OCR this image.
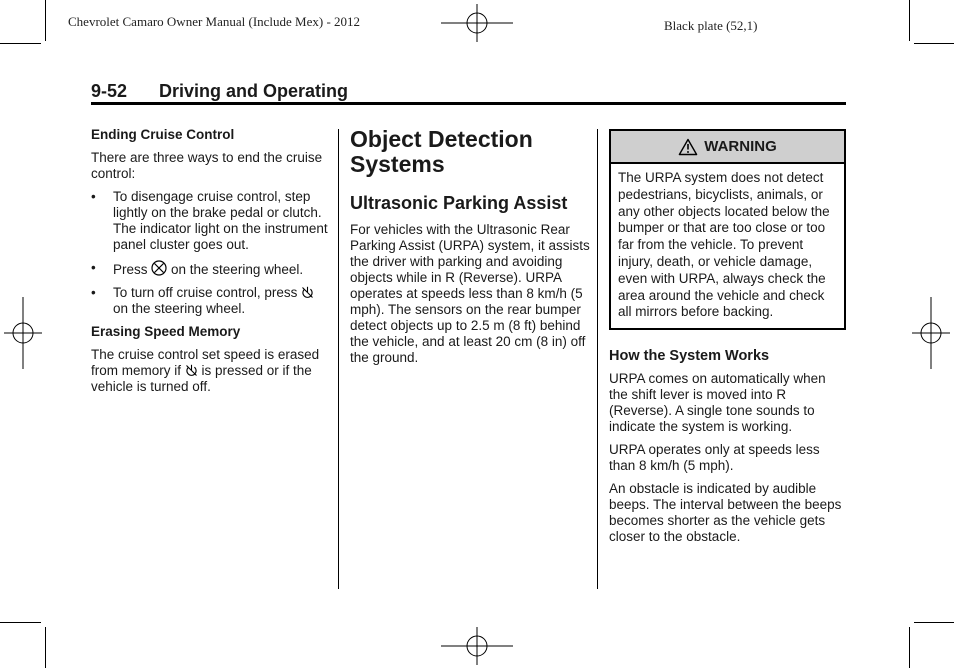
Chevrolet Camaro Owner Manual (Include Mex) - 2012	Black plate (52,1)
9-52 Driving and Operating
Ending Cruise Control

There are three ways to end the cruise control:

• To disengage cruise control, step lightly on the brake pedal or clutch. The indicator light on the instrument panel cluster goes out.
• Press  on the steering wheel.
• To turn off cruise control, press  on the steering wheel.
Erasing Speed Memory

The cruise control set speed is erased from memory if  is pressed or if the vehicle is turned off.

Object Detection Systems
Ultrasonic Parking Assist

For vehicles with the Ultrasonic Rear Parking Assist (URPA) system, it assists the driver with parking and avoiding objects while in R (Reverse). URPA operates at speeds less than 8 km/h (5 mph). The sensors on the rear bumper detect objects up to 2.5 m (8 ft) behind the vehicle, and at least 20 cm (8 in) off the ground.

WARNING
The URPA system does not detect pedestrians, bicyclists, animals, or any other objects located below the bumper or that are too close or too far from the vehicle. To prevent injury, death, or vehicle damage, even with URPA, always check the area around the vehicle and check all mirrors before backing.
How the System Works

URPA comes on automatically when the shift lever is moved into R (Reverse). A single tone sounds to indicate the system is working.

URPA operates only at speeds less than 8 km/h (5 mph).

An obstacle is indicated by audible beeps. The interval between the beeps becomes shorter as the vehicle gets closer to the obstacle.
